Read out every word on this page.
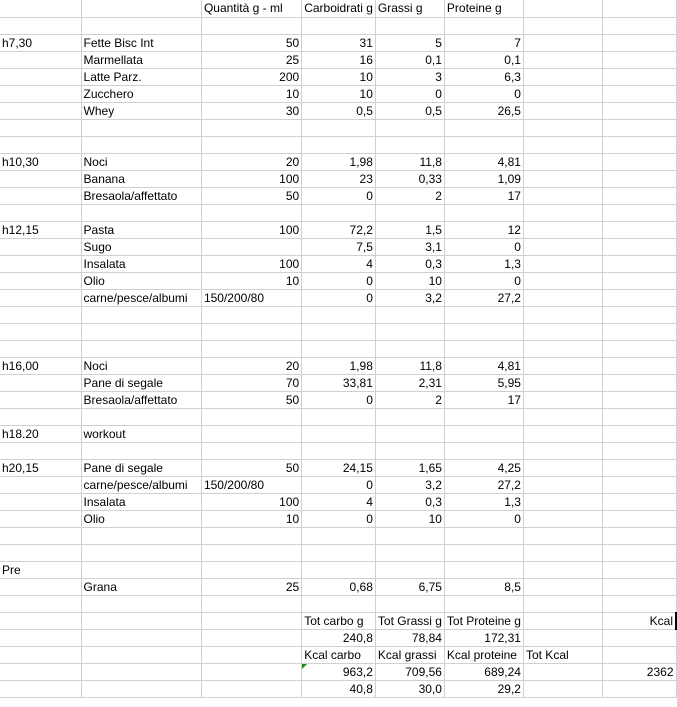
		Quantità g - ml	Carboidrati g	Grassi g	Proteine g		

h7,30	Fette Bisc Int	50	31	5	7		
	Marmellata	25	16	0,1	0,1		
	Latte Parz.	200	10	3	6,3		
	Zucchero	10	10	0	0		
	Whey	30	0,5	0,5	26,5		

h10,30	Noci	20	1,98	11,8	4,81		
	Banana	100	23	0,33	1,09		
	Bresaola/affettato	50	0	2	17		

h12,15	Pasta	100	72,2	1,5	12		
	Sugo		7,5	3,1	0		
	Insalata	100	4	0,3	1,3		
	Olio	10	0	10	0		
	carne/pesce/albumi	150/200/80	0	3,2	27,2		

h16,00	Noci	20	1,98	11,8	4,81		
	Pane di segale	70	33,81	2,31	5,95		
	Bresaola/affettato	50	0	2	17		

h18.20	workout						

h20,15	Pane di segale	50	24,15	1,65	4,25		
	carne/pesce/albumi	150/200/80	0	3,2	27,2		
	Insalata	100	4	0,3	1,3		
	Olio	10	0	10	0		

Pre							
	Grana	25	0,68	6,75	8,5		

			Tot carbo g	Tot Grassi g	Tot Proteine g		Kcal
			240,8	78,84	172,31		
			Kcal carbo	Kcal grassi	Kcal proteine	Tot Kcal	
			963,2	709,56	689,24		2362
			40,8	30,0	29,2		
